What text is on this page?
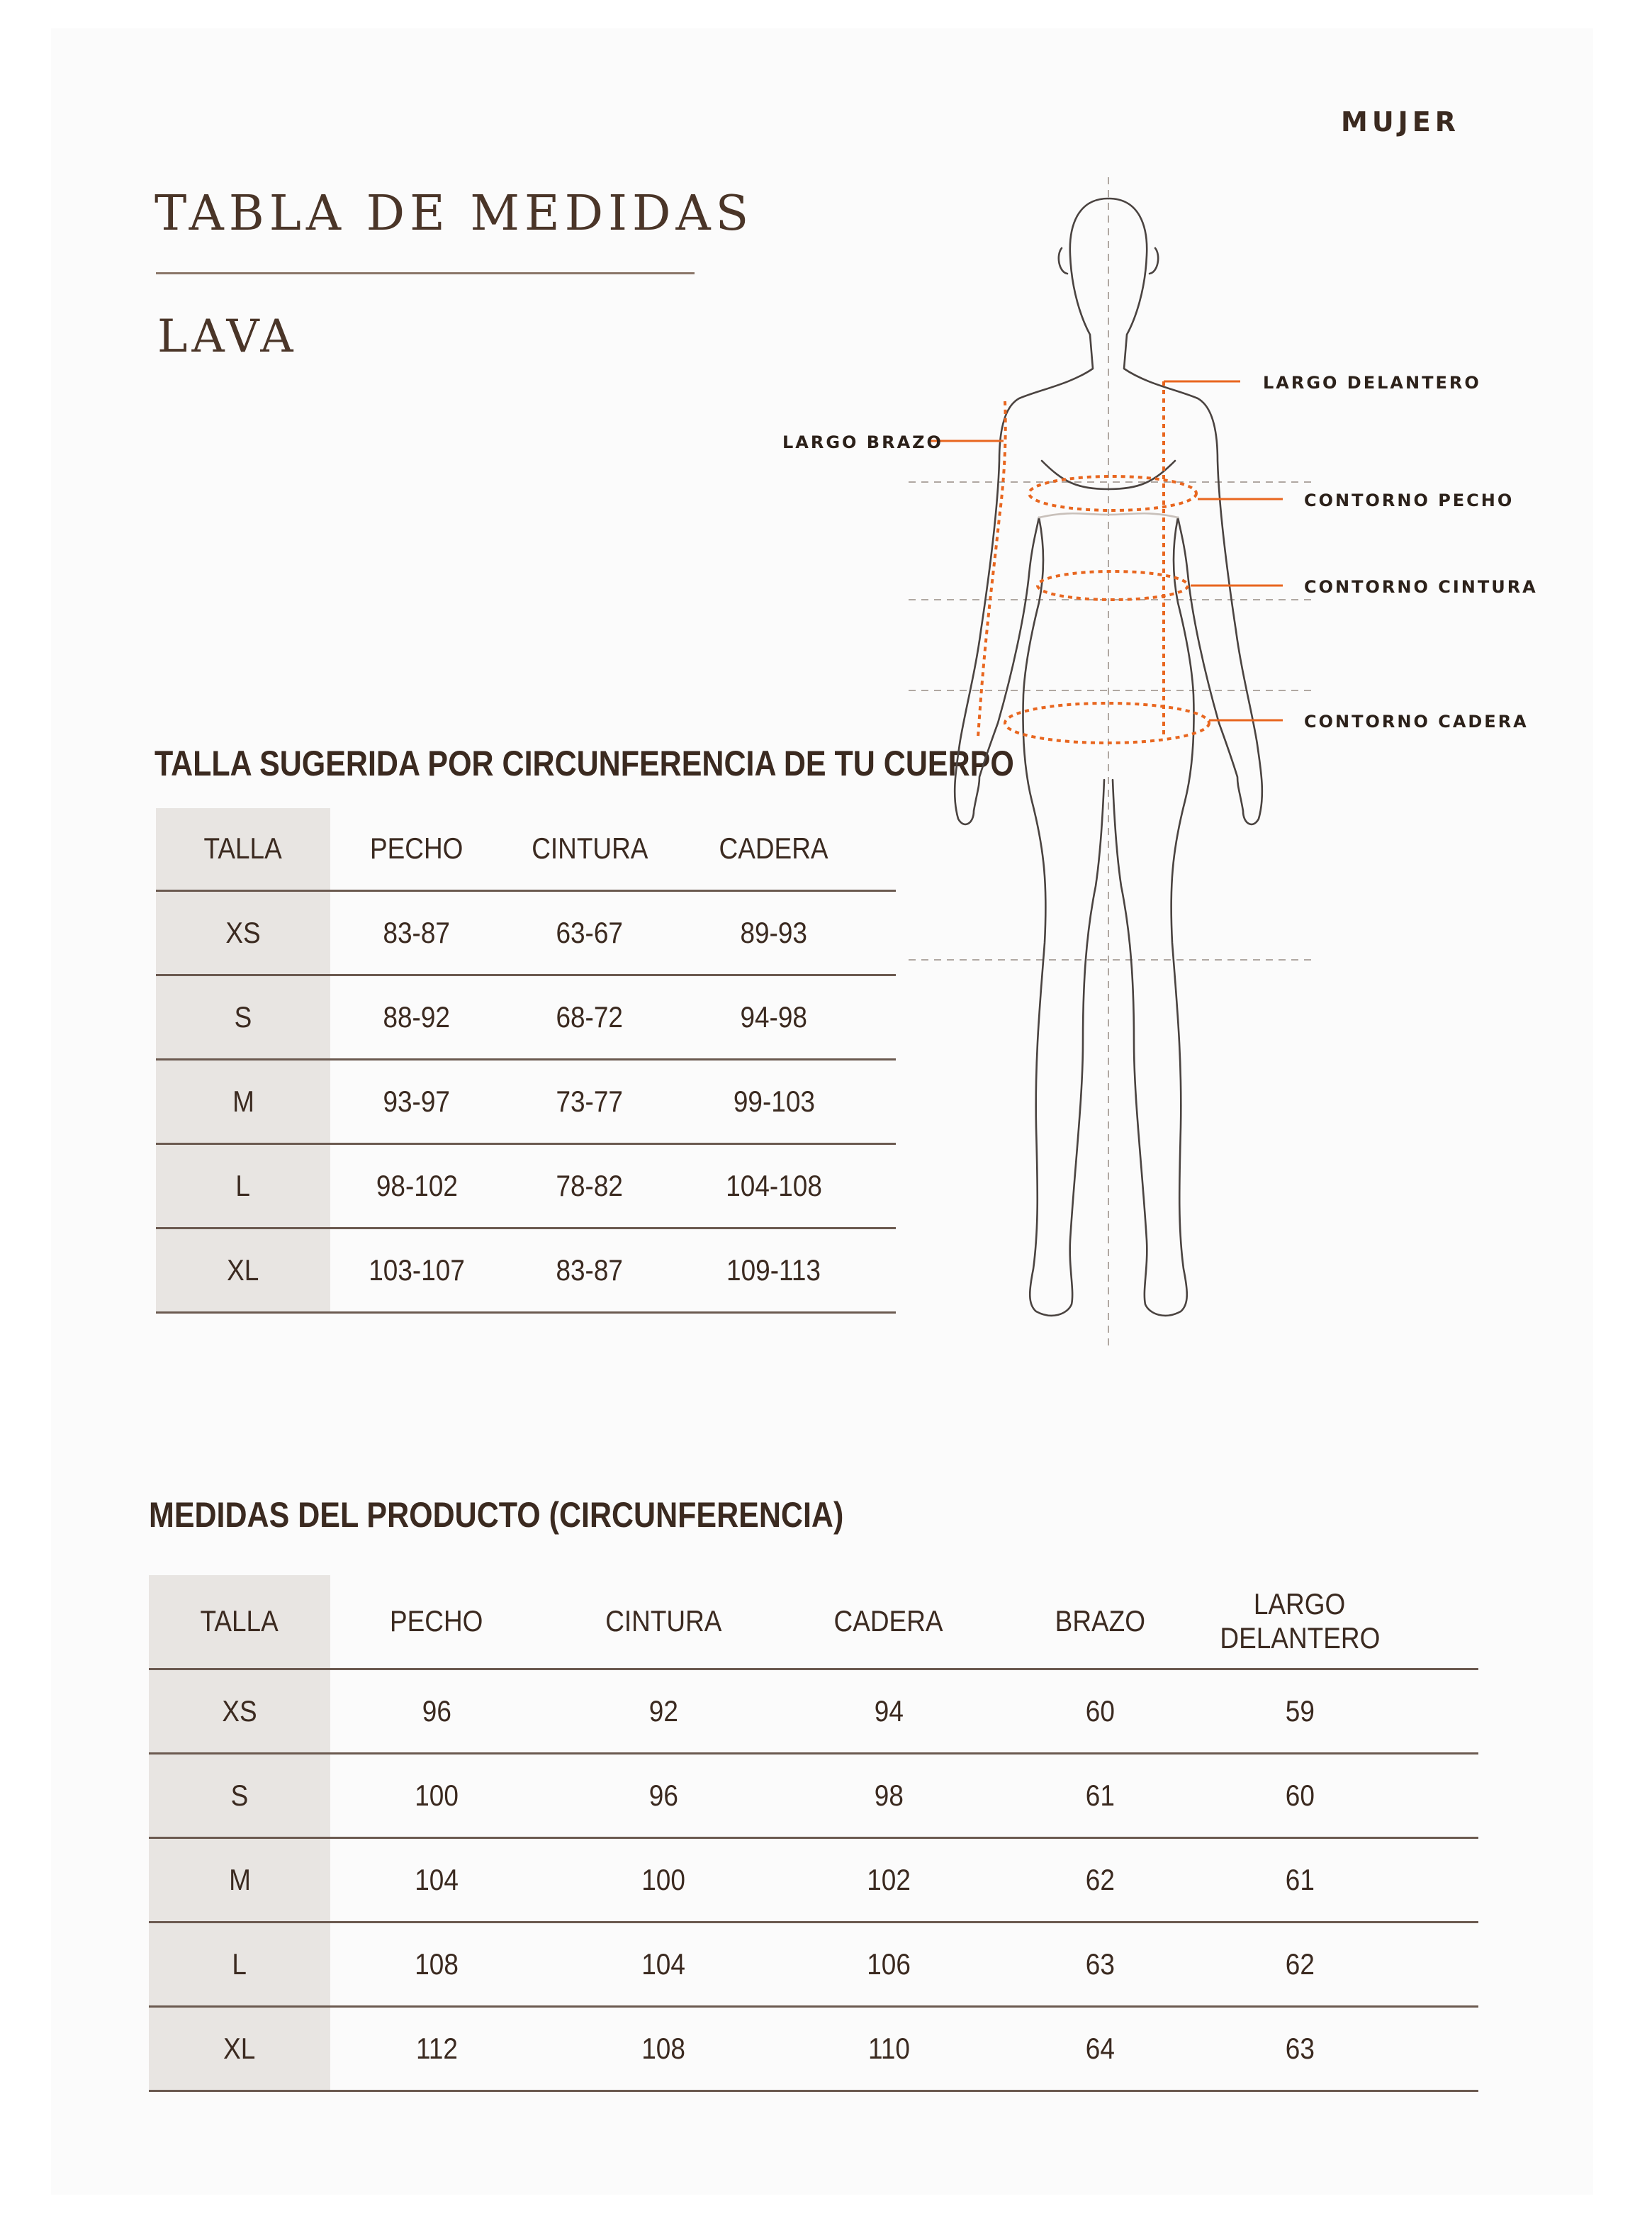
MUJER
TABLA DE MEDIDAS
LAVA
TALLA SUGERIDA POR CIRCUNFERENCIA DE TU CUERPO
TALLA	PECHO	CINTURA	CADERA	
XS	83-87	63-67	89-93	
S	88-92	68-72	94-98	
M	93-97	73-77	99-103	
L	98-102	78-82	104-108	
XL	103-107	83-87	109-113	
MEDIDAS DEL PRODUCTO (CIRCUNFERENCIA)
TALLA	PECHO	CINTURA	CADERA	BRAZO	LARGO
DELANTERO	
XS	96	92	94	60	59	
S	100	96	98	61	60	
M	104	100	102	62	61	
L	108	104	106	63	62	
XL	112	108	110	64	63	
LARGO DELANTERO
LARGO BRAZO
CONTORNO PECHO
CONTORNO CINTURA
CONTORNO CADERA
